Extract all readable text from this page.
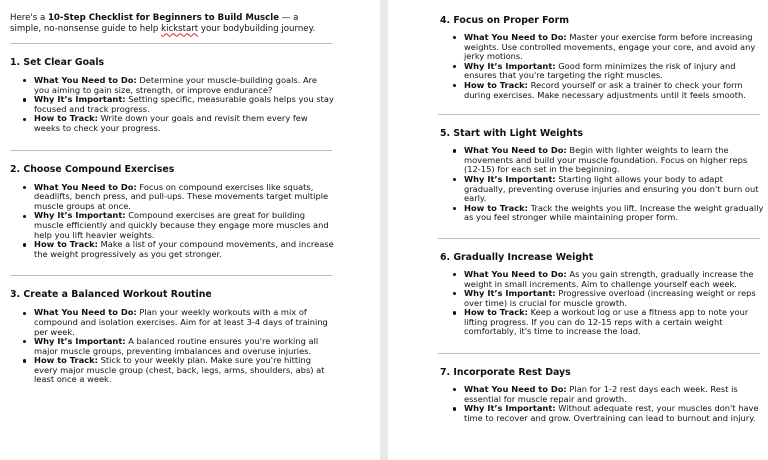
Here's a 10-Step Checklist for Beginners to Build Muscle — a simple, no-nonsense guide to help kickstart your bodybuilding journey.

1. Set Clear Goals
What You Need to Do: Determine your muscle-building goals. Are you aiming to gain size, strength, or improve endurance?
Why It’s Important: Setting specific, measurable goals helps you stay focused and track progress.
How to Track: Write down your goals and revisit them every few weeks to check your progress.
2. Choose Compound Exercises
What You Need to Do: Focus on compound exercises like squats, deadlifts, bench press, and pull-ups. These movements target multiple muscle groups at once.
Why It’s Important: Compound exercises are great for building muscle efficiently and quickly because they engage more muscles and help you lift heavier weights.
How to Track: Make a list of your compound movements, and increase the weight progressively as you get stronger.
3. Create a Balanced Workout Routine
What You Need to Do: Plan your weekly workouts with a mix of compound and isolation exercises. Aim for at least 3-4 days of training per week.
Why It’s Important: A balanced routine ensures you're working all major muscle groups, preventing imbalances and overuse injuries.
How to Track: Stick to your weekly plan. Make sure you're hitting every major muscle group (chest, back, legs, arms, shoulders, abs) at least once a week.
4. Focus on Proper Form
What You Need to Do: Master your exercise form before increasing weights. Use controlled movements, engage your core, and avoid any jerky motions.
Why It’s Important: Good form minimizes the risk of injury and ensures that you're targeting the right muscles.
How to Track: Record yourself or ask a trainer to check your form during exercises. Make necessary adjustments until it feels smooth.
5. Start with Light Weights
What You Need to Do: Begin with lighter weights to learn the movements and build your muscle foundation. Focus on higher reps (12-15) for each set in the beginning.
Why It’s Important: Starting light allows your body to adapt gradually, preventing overuse injuries and ensuring you don't burn out early.
How to Track: Track the weights you lift. Increase the weight gradually as you feel stronger while maintaining proper form.
6. Gradually Increase Weight
What You Need to Do: As you gain strength, gradually increase the weight in small increments. Aim to challenge yourself each week.
Why It’s Important: Progressive overload (increasing weight or reps over time) is crucial for muscle growth.
How to Track: Keep a workout log or use a fitness app to note your lifting progress. If you can do 12-15 reps with a certain weight comfortably, it's time to increase the load.
7. Incorporate Rest Days
What You Need to Do: Plan for 1-2 rest days each week. Rest is essential for muscle repair and growth.
Why It’s Important: Without adequate rest, your muscles don't have time to recover and grow. Overtraining can lead to burnout and injury.
